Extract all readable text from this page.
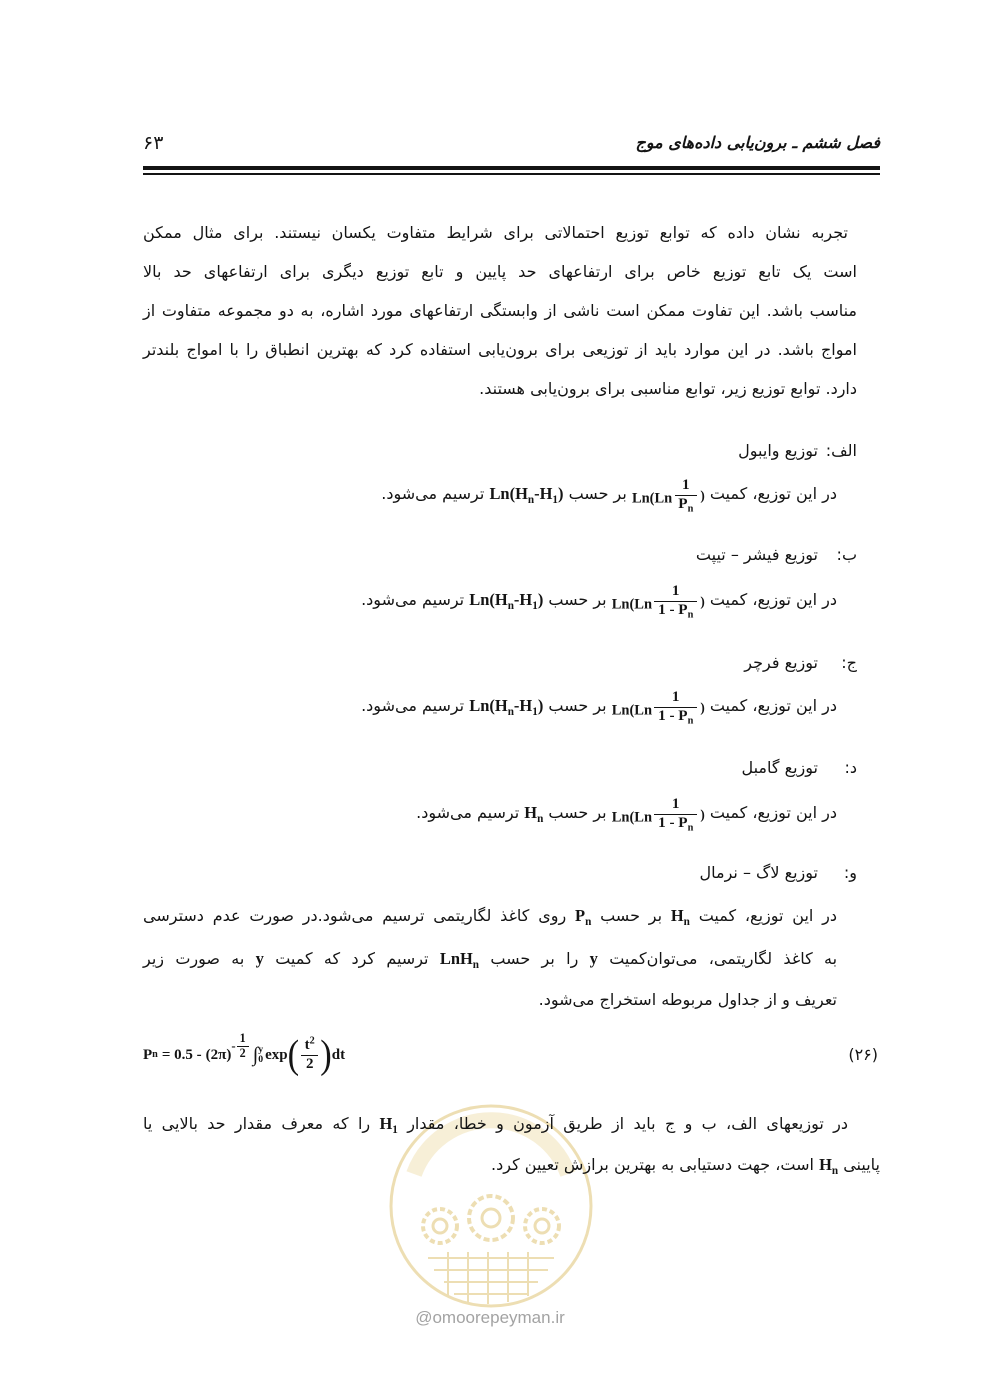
فصل ششم ـ برون‌یابی داده‌های موج
۶۳
تجربه نشان داده که توابع توزیع احتمالاتی برای شرایط متفاوت یکسان نیستند. برای مثال ممکن
است یک تابع توزیع خاص برای ارتفاعهای حد پایین و تابع توزیع دیگری برای ارتفاعهای حد بالا
مناسب باشد. این تفاوت ممکن است ناشی از وابستگی ارتفاعهای مورد اشاره، به دو مجموعه متفاوت از
امواج باشد. در این موارد باید از توزیعی برای برون‌یابی استفاده کرد که بهترین انطباق را با امواج بلندتر
دارد. توابع توزیع زیر، توابع مناسبی برای برون‌یابی هستند.
الف:توزیع وایبول
در این توزیع، کمیت $Ln(Ln \frac{1}{P_n}$ ) بر حسب $Ln(H_n-H_1)$ ترسیم می‌شود.
ب:توزیع فیشر – تیپت
در این توزیع، کمیت $Ln(Ln \frac{1}{1 - P_n}$ ) بر حسب $Ln(H_n-H_1)$ ترسیم می‌شود.
ج:توزیع فرچر
در این توزیع، کمیت $Ln(Ln \frac{1}{1 - P_n}$ ) بر حسب $Ln(H_n-H_1)$ ترسیم می‌شود.
د:توزیع گامبل
در این توزیع، کمیت $Ln(Ln \frac{1}{1 - P_n}$ ) بر حسب $H_n$ ترسیم می‌شود.
و:توزیع لاگ – نرمال
در این توزیع، کمیت $H_n$ بر حسب $P_n$ روی کاغذ لگاریتمی ترسیم می‌شود.در صورت عدم دسترسی
به کاغذ لگاریتمی، می‌توان‌کمیت y را بر حسب LnH$_n$ ترسیم کرد که کمیت y به صورت زیر
تعریف و از جداول مربوطه استخراج می‌شود.
P n = 0.5 - (2π)
- $\frac{1}{2}$ ∫ y
0 exp ( $\frac{t^2}{2}$ ) dt	(۲۶)
در توزیعهای الف، ب و ج باید از طریق آزمون و خطا، مقدار $H_1$ را که معرف مقدار حد بالایی یا
پایینی $H_n$ است، جهت دستیابی به بهترین برازش تعیین کرد.
@omoorepeyman.ir
